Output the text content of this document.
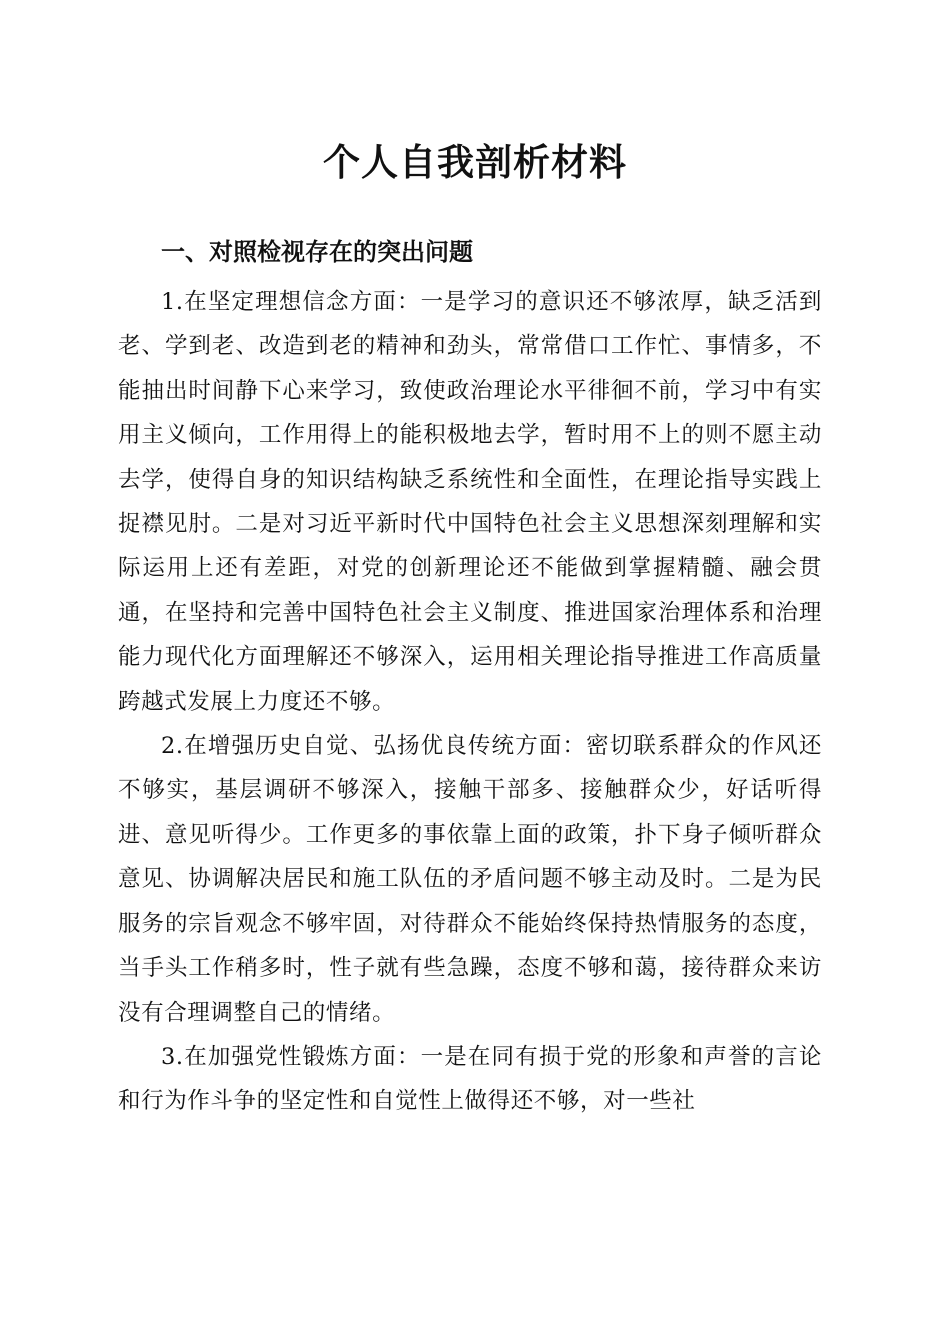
个人自我剖析材料
一、对照检视存在的突出问题

1.在坚定理想信念方面：一是学习的意识还不够浓厚，缺乏活到老、学到老、改造到老的精神和劲头，常常借口工作忙、事情多，不能抽出时间静下心来学习，致使政治理论水平徘徊不前，学习中有实用主义倾向，工作用得上的能积极地去学，暂时用不上的则不愿主动去学，使得自身的知识结构缺乏系统性和全面性，在理论指导实践上捉襟见肘。二是对习近平新时代中国特色社会主义思想深刻理解和实际运用上还有差距，对党的创新理论还不能做到掌握精髓、融会贯通，在坚持和完善中国特色社会主义制度、推进国家治理体系和治理能力现代化方面理解还不够深入，运用相关理论指导推进工作高质量跨越式发展上力度还不够。

2.在增强历史自觉、弘扬优良传统方面：密切联系群众的作风还不够实，基层调研不够深入，接触干部多、接触群众少，好话听得进、意见听得少。工作更多的事依靠上面的政策，扑下身子倾听群众意见、协调解决居民和施工队伍的矛盾问题不够主动及时。二是为民服务的宗旨观念不够牢固，对待群众不能始终保持热情服务的态度，当手头工作稍多时，性子就有些急躁，态度不够和蔼，接待群众来访没有合理调整自己的情绪。

3.在加强党性锻炼方面：一是在同有损于党的形象和声誉的言论和行为作斗争的坚定性和自觉性上做得还不够，对一些社
